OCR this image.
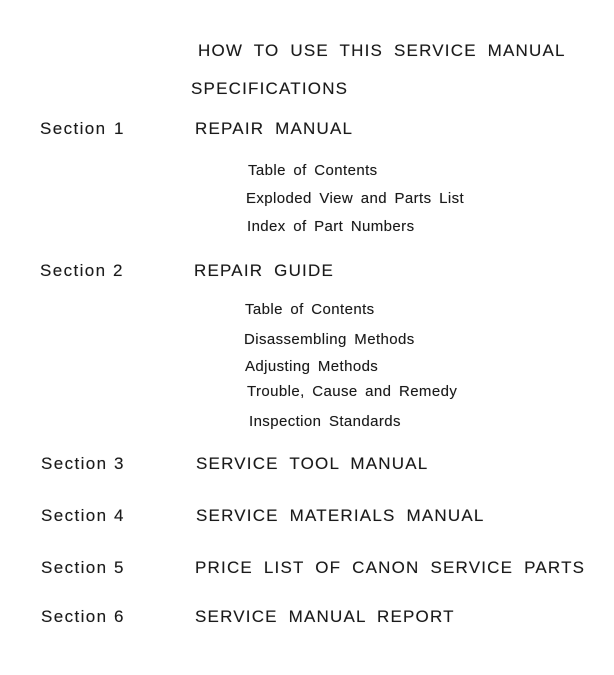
HOW TO USE THIS SERVICE MANUAL
SPECIFICATIONS
Section 1	REPAIR MANUAL
Table of Contents
Exploded View and Parts List
Index of Part Numbers
Section 2	REPAIR GUIDE
Table of Contents
Disassembling Methods
Adjusting Methods
Trouble, Cause and Remedy
Inspection Standards
Section 3	SERVICE TOOL MANUAL
Section 4	SERVICE MATERIALS MANUAL
Section 5	PRICE LIST OF CANON SERVICE PARTS
Section 6	SERVICE MANUAL REPORT
